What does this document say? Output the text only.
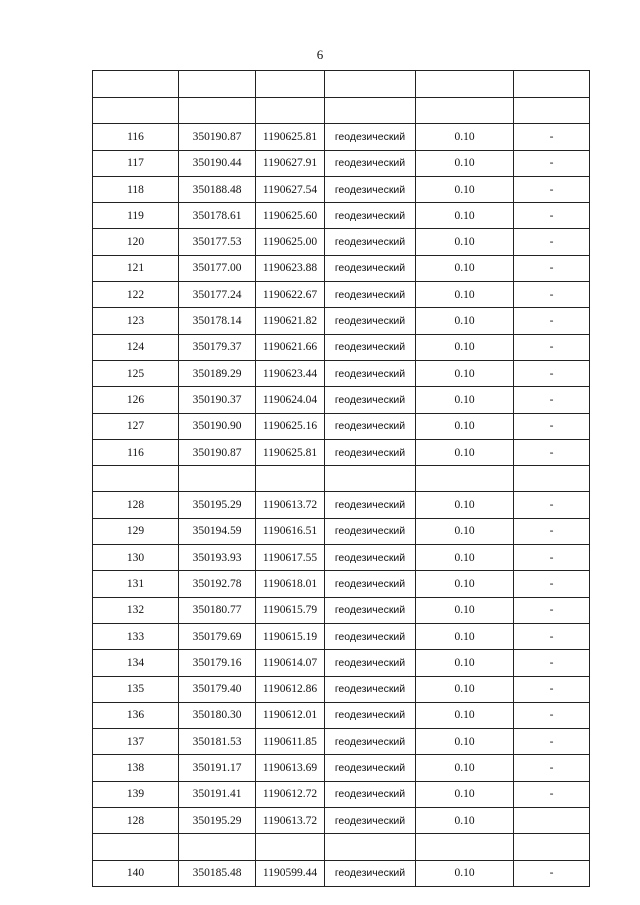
6

116	350190.87	1190625.81	геодезический	0.10	-
117	350190.44	1190627.91	геодезический	0.10	-
118	350188.48	1190627.54	геодезический	0.10	-
119	350178.61	1190625.60	геодезический	0.10	-
120	350177.53	1190625.00	геодезический	0.10	-
121	350177.00	1190623.88	геодезический	0.10	-
122	350177.24	1190622.67	геодезический	0.10	-
123	350178.14	1190621.82	геодезический	0.10	-
124	350179.37	1190621.66	геодезический	0.10	-
125	350189.29	1190623.44	геодезический	0.10	-
126	350190.37	1190624.04	геодезический	0.10	-
127	350190.90	1190625.16	геодезический	0.10	-
116	350190.87	1190625.81	геодезический	0.10	-

128	350195.29	1190613.72	геодезический	0.10	-
129	350194.59	1190616.51	геодезический	0.10	-
130	350193.93	1190617.55	геодезический	0.10	-
131	350192.78	1190618.01	геодезический	0.10	-
132	350180.77	1190615.79	геодезический	0.10	-
133	350179.69	1190615.19	геодезический	0.10	-
134	350179.16	1190614.07	геодезический	0.10	-
135	350179.40	1190612.86	геодезический	0.10	-
136	350180.30	1190612.01	геодезический	0.10	-
137	350181.53	1190611.85	геодезический	0.10	-
138	350191.17	1190613.69	геодезический	0.10	-
139	350191.41	1190612.72	геодезический	0.10	-
128	350195.29	1190613.72	геодезический	0.10	

140	350185.48	1190599.44	геодезический	0.10	-
